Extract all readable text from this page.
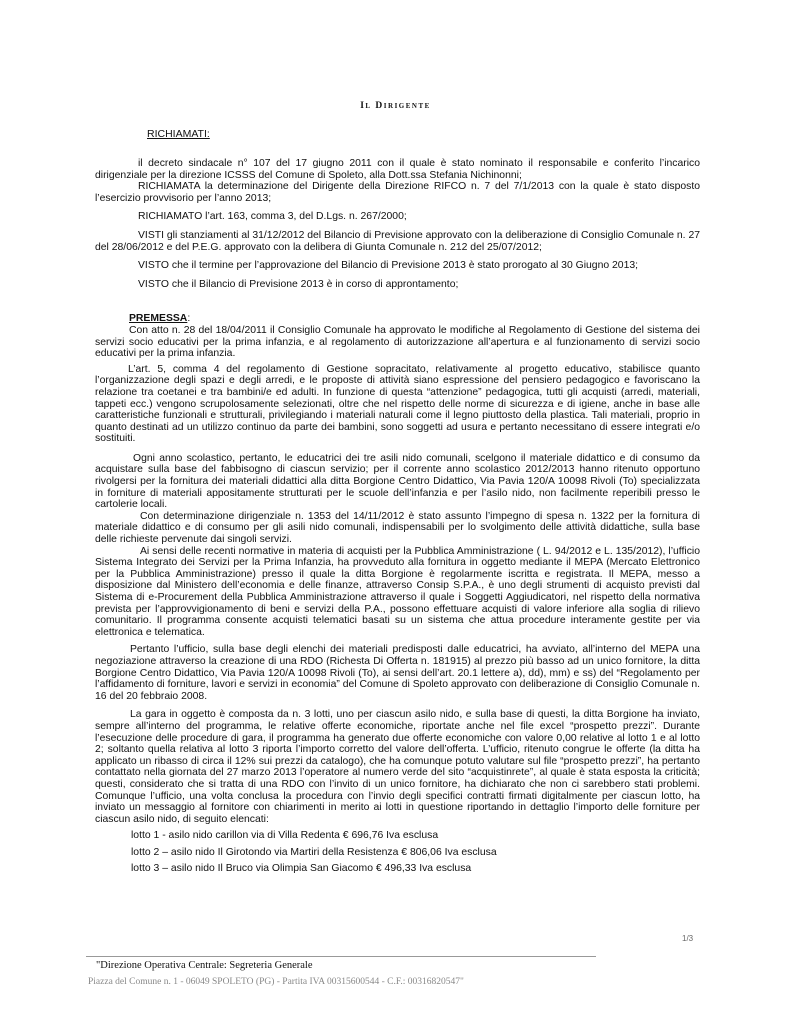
Il Dirigente
RICHIAMATI:

il decreto sindacale n° 107 del 17 giugno 2011 con il quale è stato nominato il responsabile e conferito l’incarico dirigenziale per la direzione ICSSS del Comune di Spoleto, alla Dott.ssa Stefania Nichinonni;

RICHIAMATA la determinazione del Dirigente della Direzione RIFCO n. 7 del 7/1/2013 con la quale è stato disposto l’esercizio provvisorio per l’anno 2013;

RICHIAMATO l’art. 163, comma 3, del D.Lgs. n. 267/2000;

VISTI gli stanziamenti al 31/12/2012 del Bilancio di Previsione approvato con la deliberazione di Consiglio Comunale n. 27 del 28/06/2012 e del P.E.G. approvato con la delibera di Giunta Comunale n. 212 del 25/07/2012;

VISTO che il termine per l’approvazione del Bilancio di Previsione 2013 è stato prorogato al 30 Giugno 2013;

VISTO che il Bilancio di Previsione 2013 è in corso di approntamento;

PREMESSA:

Con atto n. 28 del 18/04/2011 il Consiglio Comunale ha approvato le modifiche al Regolamento di Gestione del sistema dei servizi socio educativi per la prima infanzia, e al regolamento di autorizzazione all’apertura e al funzionamento di servizi socio educativi per la prima infanzia.

L’art. 5, comma 4 del regolamento di Gestione sopracitato, relativamente al progetto educativo, stabilisce quanto l’organizzazione degli spazi e degli arredi, e le proposte di attività siano espressione del pensiero pedagogico e favoriscano la relazione tra coetanei e tra bambini/e ed adulti. In funzione di questa “attenzione” pedagogica, tutti gli acquisti (arredi, materiali, tappeti ecc.) vengono scrupolosamente selezionati, oltre che nel rispetto delle norme di sicurezza e di igiene, anche in base alle caratteristiche funzionali e strutturali, privilegiando i materiali naturali come il legno piuttosto della plastica. Tali materiali, proprio in quanto destinati ad un utilizzo continuo da parte dei bambini, sono soggetti ad usura e pertanto necessitano di essere integrati e/o sostituiti.

Ogni anno scolastico, pertanto, le educatrici dei tre asili nido comunali, scelgono il materiale didattico e di consumo da acquistare sulla base del fabbisogno di ciascun servizio; per il corrente anno scolastico 2012/2013 hanno ritenuto opportuno rivolgersi per la fornitura dei materiali didattici alla ditta Borgione Centro Didattico, Via Pavia 120/A 10098 Rivoli (To) specializzata in forniture di materiali appositamente strutturati per le scuole dell’infanzia e per l’asilo nido, non facilmente reperibili presso le cartolerie locali.

Con determinazione dirigenziale n. 1353 del 14/11/2012 è stato assunto l’impegno di spesa n. 1322 per la fornitura di materiale didattico e di consumo per gli asili nido comunali, indispensabili per lo svolgimento delle attività didattiche, sulla base delle richieste pervenute dai singoli servizi.

Ai sensi delle recenti normative in materia di acquisti per la Pubblica Amministrazione ( L. 94/2012 e L. 135/2012), l’ufficio Sistema Integrato dei Servizi per la Prima Infanzia, ha provveduto alla fornitura in oggetto mediante il MEPA (Mercato Elettronico per la Pubblica Amministrazione) presso il quale la ditta Borgione è regolarmente iscritta e registrata. Il MEPA, messo a disposizione dal Ministero dell’economia e delle finanze, attraverso Consip S.P.A., è uno degli strumenti di acquisto previsti dal Sistema di e-Procurement della Pubblica Amministrazione attraverso il quale i Soggetti Aggiudicatori, nel rispetto della normativa prevista per l’approvvigionamento di beni e servizi della P.A., possono effettuare acquisti di valore inferiore alla soglia di rilievo comunitario. Il programma consente acquisti telematici basati su un sistema che attua procedure interamente gestite per via elettronica e telematica.

Pertanto l’ufficio, sulla base degli elenchi dei materiali predisposti dalle educatrici, ha avviato, all’interno del MEPA una negoziazione attraverso la creazione di una RDO (Richesta Di Offerta n. 181915) al prezzo più basso ad un unico fornitore, la ditta Borgione Centro Didattico, Via Pavia 120/A 10098 Rivoli (To), ai sensi dell’art. 20.1 lettere a), dd), mm) e ss) del “Regolamento per l’affidamento di forniture, lavori e servizi in economia” del Comune di Spoleto approvato con deliberazione di Consiglio Comunale n. 16 del 20 febbraio 2008.

La gara in oggetto è composta da n. 3 lotti, uno per ciascun asilo nido, e sulla base di questi, la ditta Borgione ha inviato, sempre all’interno del programma, le relative offerte economiche, riportate anche nel file excel “prospetto prezzi”. Durante l’esecuzione delle procedure di gara, il programma ha generato due offerte economiche con valore 0,00 relative al lotto 1 e al lotto 2; soltanto quella relativa al lotto 3 riporta l’importo corretto del valore dell’offerta. L’ufficio, ritenuto congrue le offerte (la ditta ha applicato un ribasso di circa il 12% sui prezzi da catalogo), che ha comunque potuto valutare sul file “prospetto prezzi”, ha pertanto contattato nella giornata del 27 marzo 2013 l’operatore al numero verde del sito “acquistinrete”, al quale è stata esposta la criticità; questi, considerato che si tratta di una RDO con l’invito di un unico fornitore, ha dichiarato che non ci sarebbero stati problemi. Comunque l’ufficio, una volta conclusa la procedura con l’invio degli specifici contratti firmati digitalmente per ciascun lotto, ha inviato un messaggio al fornitore con chiarimenti in merito ai lotti in questione riportando in dettaglio l’importo delle forniture per ciascun asilo nido, di seguito elencati:

lotto 1 - asilo nido carillon via di Villa Redenta € 696,76 Iva esclusa

lotto 2 – asilo nido Il Girotondo via Martiri della Resistenza € 806,06 Iva esclusa

lotto 3 – asilo nido Il Bruco via Olimpia San Giacomo € 496,33 Iva esclusa

1/3
"Direzione Operativa Centrale: Segreteria Generale
Piazza del Comune n. 1 - 06049 SPOLETO (PG) - Partita IVA 00315600544 - C.F.: 00316820547"
